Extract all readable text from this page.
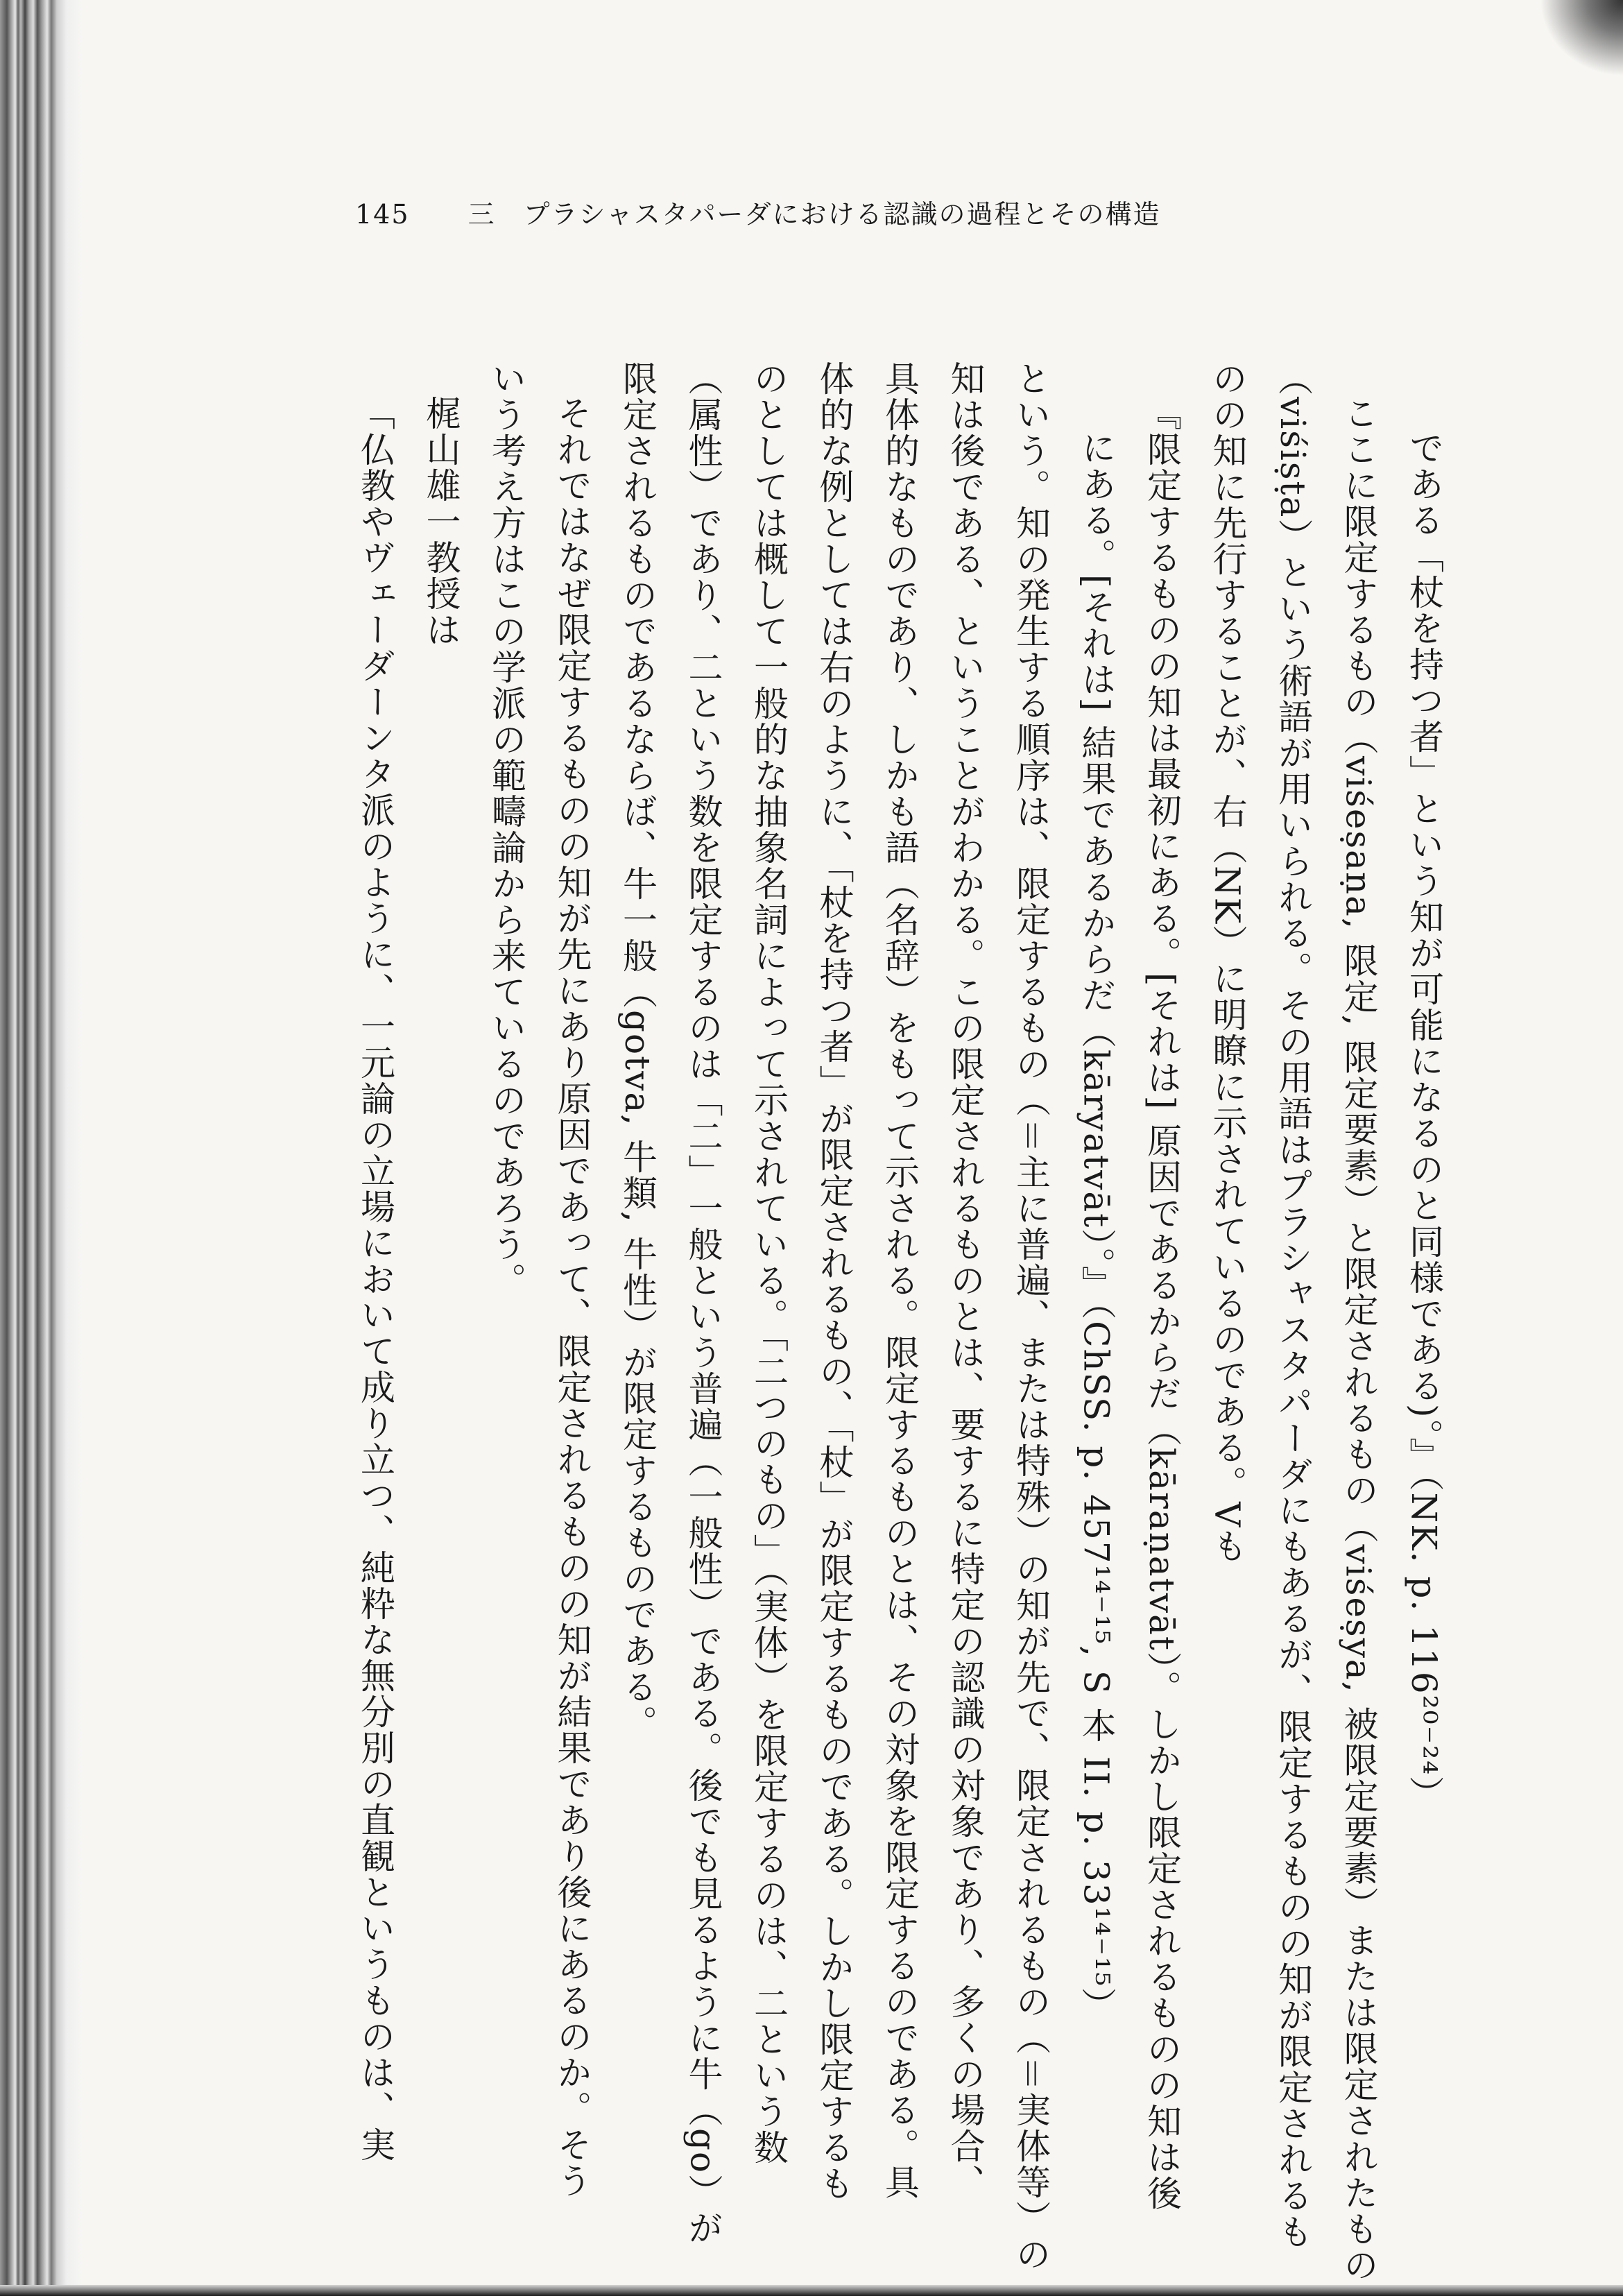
145 三　プラシャスタパーダにおける認識の過程とその構造
である「杖を持つ者」という知が可能になるのと同様である)。』（NK. p. 116²⁰⁻²⁴）
ここに限定するもの（viśeṣaṇa, 限定, 限定要素）と限定されるもの（viśeṣya, 被限定要素）または限定されたもの
（viśiṣṭa）という術語が用いられる。その用語はプラシャスタパーダにもあるが、限定するものの知が限定されるも
のの知に先行することが、右（NK）に明瞭に示されているのである。Vも
『限定するものの知は最初にある。[それは] 原因であるからだ（kāraṇatvāt）。しかし限定されるものの知は後
にある。[それは] 結果であるからだ（kāryatvāt）。』（ChSS. p. 457¹⁴⁻¹⁵, S 本 II. p. 33¹⁴⁻¹⁵）
という。知の発生する順序は、限定するもの（＝主に普遍、または特殊）の知が先で、限定されるもの（＝実体等）の
知は後である、ということがわかる。この限定されるものとは、要するに特定の認識の対象であり、多くの場合、
具体的なものであり、しかも語（名辞）をもって示される。限定するものとは、その対象を限定するのである。具
体的な例としては右のように、「杖を持つ者」が限定されるもの、「杖」が限定するものである。しかし限定するも
のとしては概して一般的な抽象名詞によって示されている。「二つのもの」（実体）を限定するのは、二という数
（属性）であり、二という数を限定するのは「二」一般という普遍（一般性）である。後でも見るように牛（go）が
限定されるものであるならば、牛一般（gotva, 牛類, 牛性）が限定するものである。
それではなぜ限定するものの知が先にあり原因であって、限定されるものの知が結果であり後にあるのか。そう
いう考え方はこの学派の範疇論から来ているのであろう。
梶山雄一教授は
「仏教やヴェーダーンタ派のように、一元論の立場において成り立つ、純粋な無分別の直観というものは、実
